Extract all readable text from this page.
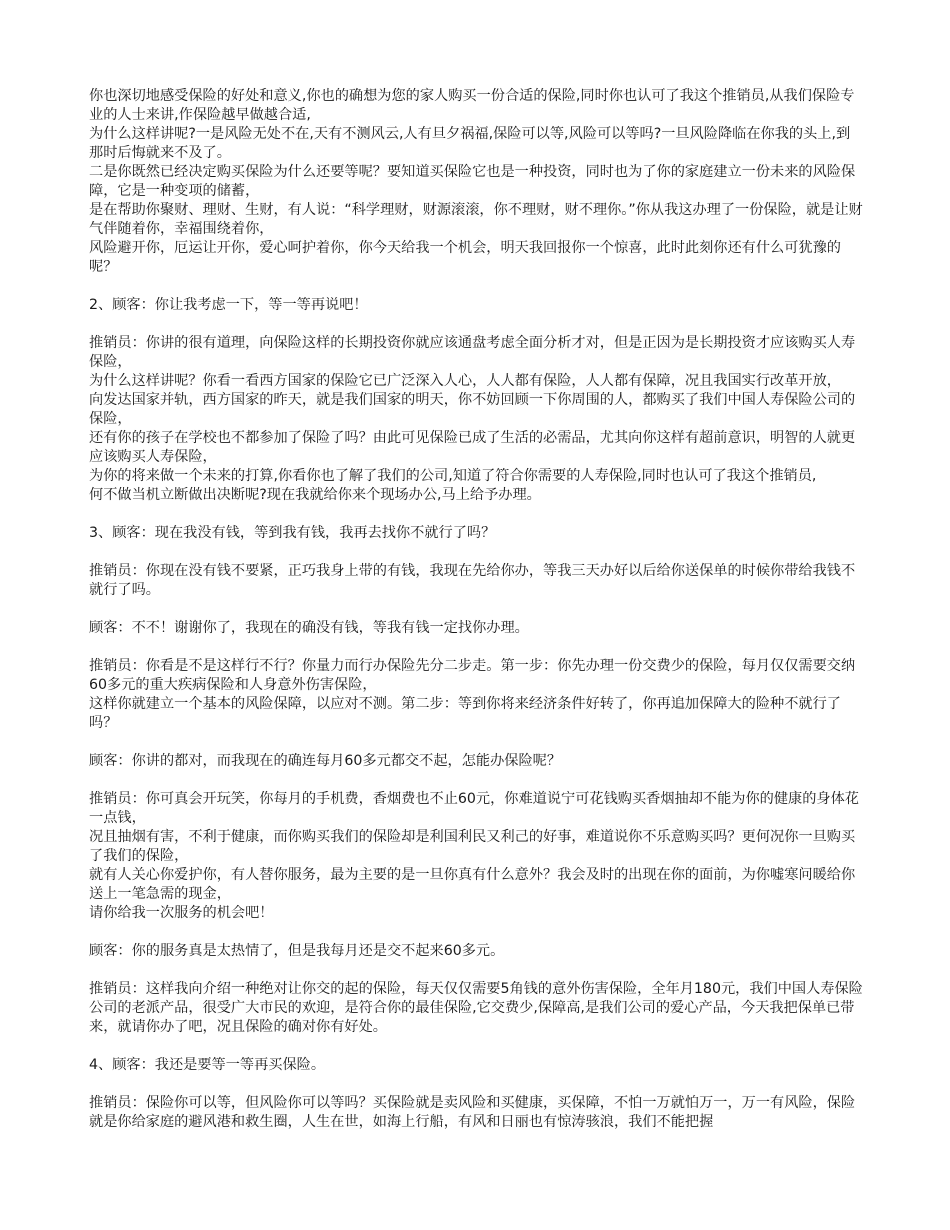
你也深切地感受保险的好处和意义,你也的确想为您的家人购买一份合适的保险,同时你也认可了我这个推销员,从我们保险专业的人士来讲,作保险越早做越合适,
为什么这样讲呢?一是风险无处不在,天有不测风云,人有旦夕祸福,保险可以等,风险可以等吗?一旦风险降临在你我的头上,到那时后悔就来不及了。
二是你既然已经决定购买保险为什么还要等呢？要知道买保险它也是一种投资，同时也为了你的家庭建立一份未来的风险保障，它是一种变项的储蓄，
是在帮助你聚财、理财、生财，有人说：“科学理财，财源滚滚，你不理财，财不理你。”你从我这办理了一份保险，就是让财气伴随着你，幸福围绕着你，
风险避开你，厄运让开你，爱心呵护着你，你今天给我一个机会，明天我回报你一个惊喜，此时此刻你还有什么可犹豫的呢？
2、顾客：你让我考虑一下，等一等再说吧！
推销员：你讲的很有道理，向保险这样的长期投资你就应该通盘考虑全面分析才对，但是正因为是长期投资才应该购买人寿保险，
为什么这样讲呢？你看一看西方国家的保险它已广泛深入人心，人人都有保险，人人都有保障，况且我国实行改革开放，
向发达国家并轨，西方国家的昨天，就是我们国家的明天，你不妨回顾一下你周围的人，都购买了我们中国人寿保险公司的保险，
还有你的孩子在学校也不都参加了保险了吗？由此可见保险已成了生活的必需品，尤其向你这样有超前意识，明智的人就更应该购买人寿保险，
为你的将来做一个未来的打算,你看你也了解了我们的公司,知道了符合你需要的人寿保险,同时也认可了我这个推销员,
何不做当机立断做出决断呢?现在我就给你来个现场办公,马上给予办理。
3、顾客：现在我没有钱，等到我有钱，我再去找你不就行了吗？
推销员：你现在没有钱不要紧，正巧我身上带的有钱，我现在先给你办，等我三天办好以后给你送保单的时候你带给我钱不就行了吗。
顾客：不不！谢谢你了，我现在的确没有钱，等我有钱一定找你办理。
推销员：你看是不是这样行不行？你量力而行办保险先分二步走。第一步：你先办理一份交费少的保险，每月仅仅需要交纳60多元的重大疾病保险和人身意外伤害保险，
这样你就建立一个基本的风险保障，以应对不测。第二步：等到你将来经济条件好转了，你再追加保障大的险种不就行了吗？
顾客：你讲的都对，而我现在的确连每月60多元都交不起，怎能办保险呢？
推销员：你可真会开玩笑，你每月的手机费，香烟费也不止60元，你难道说宁可花钱购买香烟抽却不能为你的健康的身体花一点钱，
况且抽烟有害，不利于健康，而你购买我们的保险却是利国利民又利己的好事，难道说你不乐意购买吗？更何况你一旦购买了我们的保险，
就有人关心你爱护你，有人替你服务，最为主要的是一旦你真有什么意外？我会及时的出现在你的面前，为你嘘寒问暖给你送上一笔急需的现金，
请你给我一次服务的机会吧！
顾客：你的服务真是太热情了，但是我每月还是交不起来60多元。
推销员：这样我向介绍一种绝对让你交的起的保险，每天仅仅需要5角钱的意外伤害保险，全年月180元，我们中国人寿保险公司的老派产品，很受广大市民的欢迎，是符合你的最佳保险,它交费少,保障高,是我们公司的爱心产品，今天我把保单已带来，就请你办了吧，况且保险的确对你有好处。
4、顾客：我还是要等一等再买保险。
推销员：保险你可以等，但风险你可以等吗？买保险就是卖风险和买健康，买保障，不怕一万就怕万一，万一有风险，保险就是你给家庭的避风港和救生圈，人生在世，如海上行船，有风和日丽也有惊涛骇浪，我们不能把握
